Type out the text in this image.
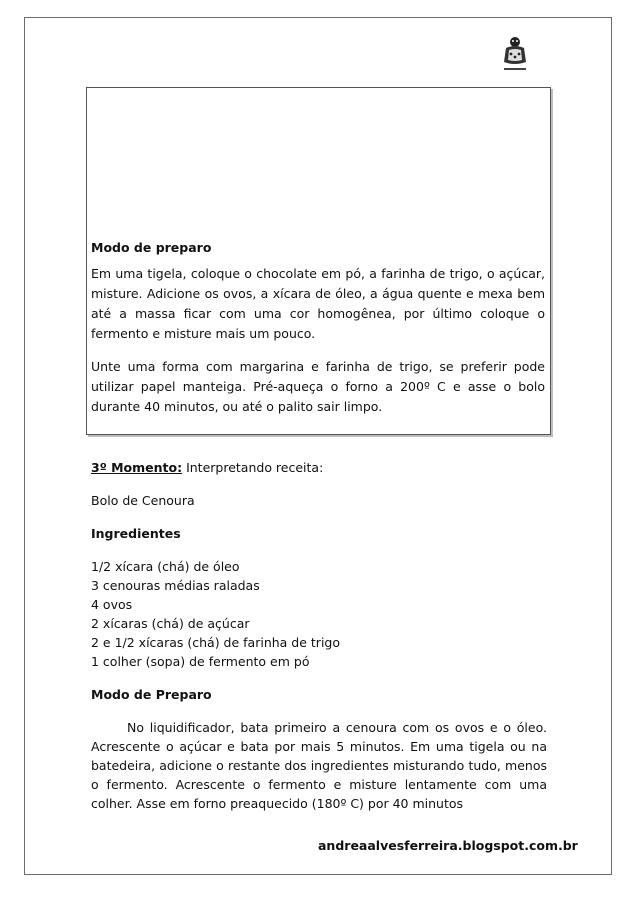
Modo de preparo

Em uma tigela, coloque o chocolate em pó, a farinha de trigo, o açúcar, misture. Adicione os ovos, a xícara de óleo, a água quente e mexa bem até a massa ficar com uma cor homogênea, por último coloque o fermento e misture mais um pouco.

Unte uma forma com margarina e farinha de trigo, se preferir pode utilizar papel manteiga. Pré-aqueça o forno a 200º C e asse o bolo durante 40 minutos, ou até o palito sair limpo.

3º Momento: Interpretando receita:
Bolo de Cenoura
Ingredientes
1/2 xícara (chá) de óleo
3 cenouras médias raladas
4 ovos
2 xícaras (chá) de açúcar
2 e 1/2 xícaras (chá) de farinha de trigo
1 colher (sopa) de fermento em pó
Modo de Preparo

No liquidificador, bata primeiro a cenoura com os ovos e o óleo. Acrescente o açúcar e bata por mais 5 minutos. Em uma tigela ou na batedeira, adicione o restante dos ingredientes misturando tudo, menos o fermento. Acrescente o fermento e misture lentamente com uma colher. Asse em forno preaquecido (180º C) por 40 minutos

andreaalvesferreira.blogspot.com.br
